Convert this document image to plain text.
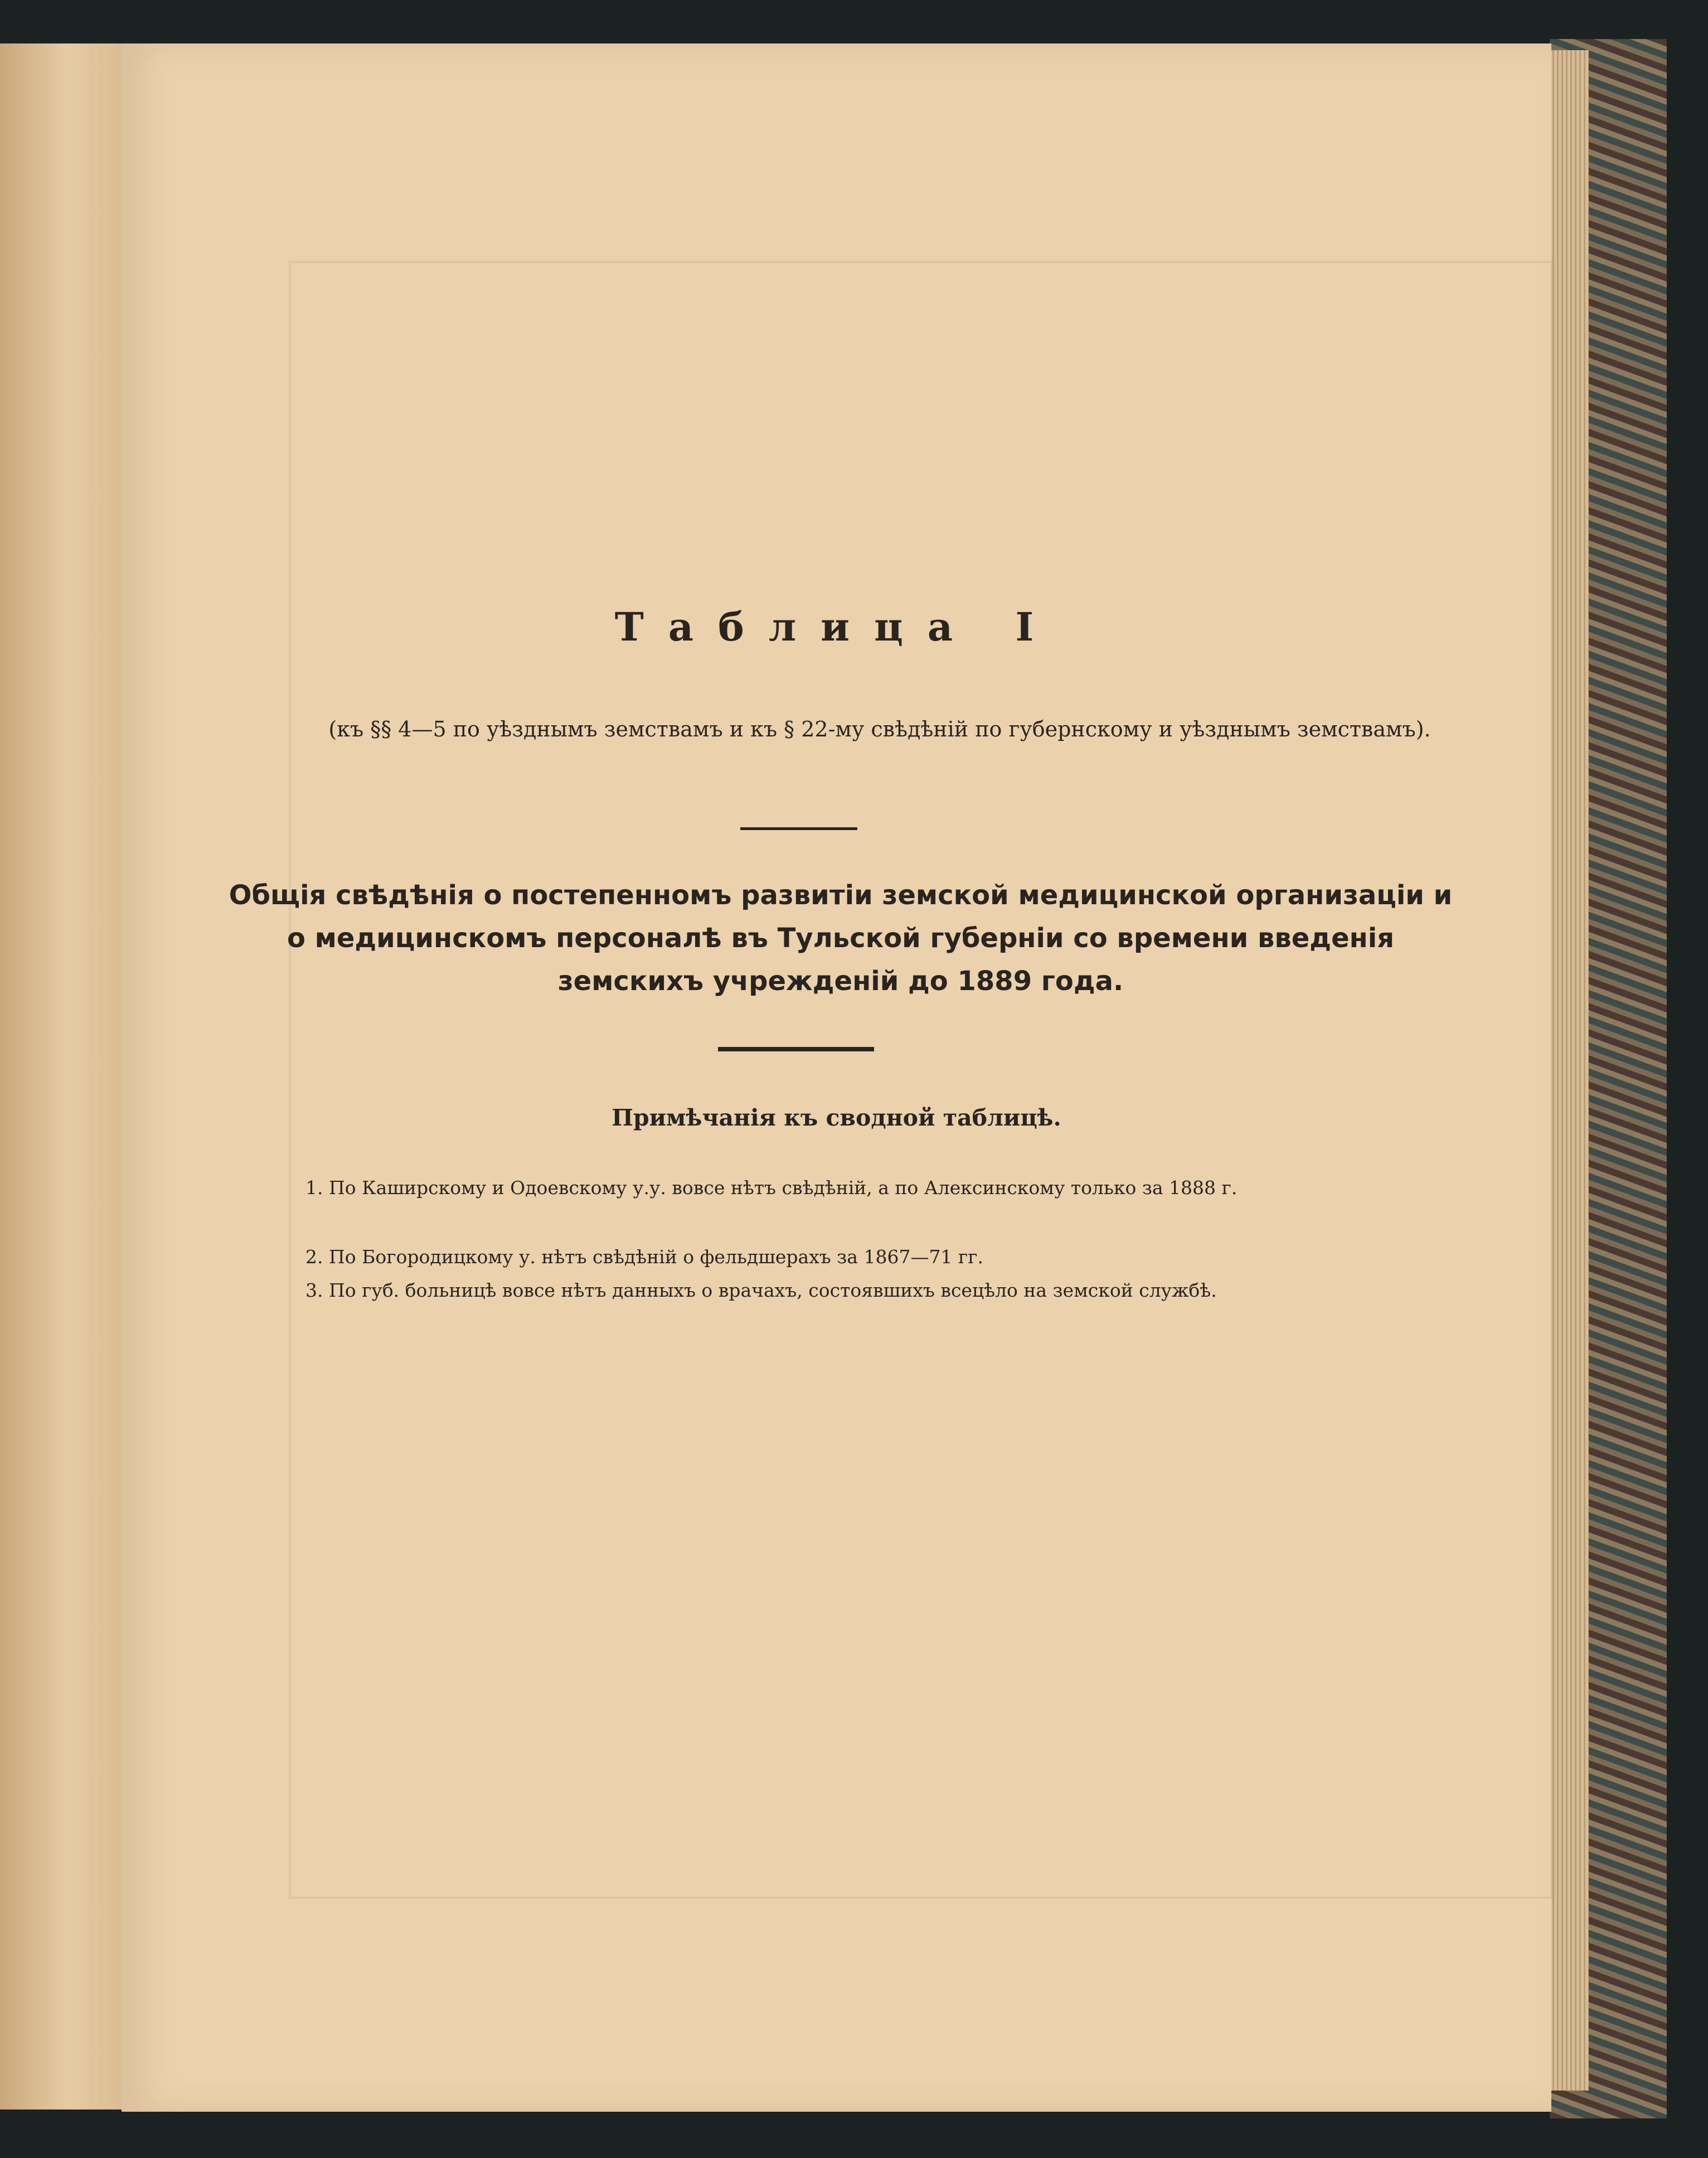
Таблица I

(къ §§ 4—5 по уѣзднымъ земствамъ и къ § 22-му свѣдѣній по губернскому и уѣзднымъ земствамъ).

Общія свѣдѣнія о постепенномъ развитіи земской медицинской организаціи и о медицинскомъ персоналѣ въ Тульской губерніи со времени введенія земскихъ учрежденій до 1889 года.
Примѣчанія къ сводной таблицѣ.

1. По Каширскому и Одоевскому у.у. вовсе нѣтъ свѣдѣній, а по Алексинскому только за 1888 г.

2. По Богородицкому у. нѣтъ свѣдѣній о фельдшерахъ за 1867—71 гг.

3. По губ. больницѣ вовсе нѣтъ данныхъ о врачахъ, состоявшихъ всецѣло на земской службѣ.
